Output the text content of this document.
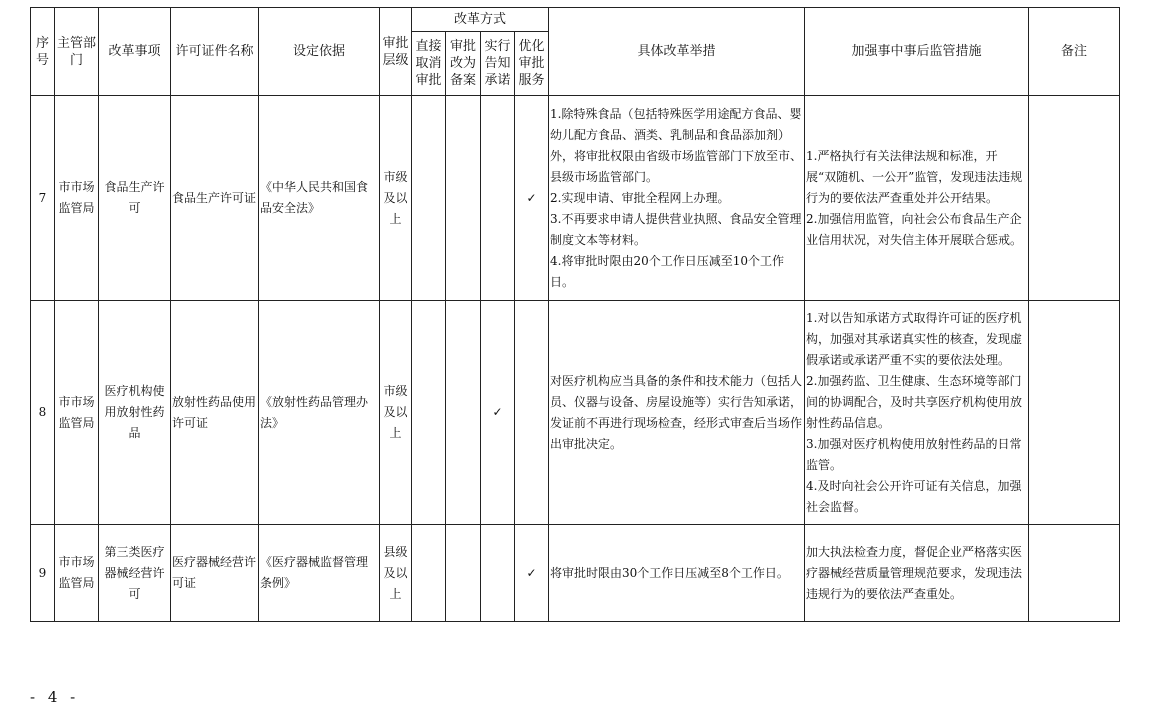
序号	主管部门	改革事项	许可证件名称	设定依据	审批层级	改革方式				具体改革举措	加强事中事后监管措施	备注
						直接取消审批	审批改为备案	实行告知承诺	优化审批服务			
7	市市场监管局	食品生产许可	食品生产许可证	《中华人民共和国食品安全法》	市级及以上				✓	1.除特殊食品（包括特殊医学用途配方食品、婴幼儿配方食品、酒类、乳制品和食品添加剂）外，将审批权限由省级市场监管部门下放至市、县级市场监管部门。
2.实现申请、审批全程网上办理。
3.不再要求申请人提供营业执照、食品安全管理制度文本等材料。
4.将审批时限由20个工作日压减至10个工作日。	1.严格执行有关法律法规和标准，开展“双随机、一公开”监管，发现违法违规行为的要依法严查重处并公开结果。
2.加强信用监管，向社会公布食品生产企业信用状况，对失信主体开展联合惩戒。	
8	市市场监管局	医疗机构使用放射性药品	放射性药品使用许可证	《放射性药品管理办法》	市级及以上			✓		对医疗机构应当具备的条件和技术能力（包括人员、仪器与设备、房屋设施等）实行告知承诺，发证前不再进行现场检查，经形式审查后当场作出审批决定。	1.对以告知承诺方式取得许可证的医疗机构，加强对其承诺真实性的核查，发现虚假承诺或承诺严重不实的要依法处理。
2.加强药监、卫生健康、生态环境等部门间的协调配合，及时共享医疗机构使用放射性药品信息。
3.加强对医疗机构使用放射性药品的日常监管。
4.及时向社会公开许可证有关信息，加强社会监督。	
9	市市场监管局	第三类医疗器械经营许可	医疗器械经营许可证	《医疗器械监督管理条例》	县级及以上				✓	将审批时限由30个工作日压减至8个工作日。	加大执法检查力度，督促企业严格落实医疗器械经营质量管理规范要求，发现违法违规行为的要依法严查重处。	
- 4 -
